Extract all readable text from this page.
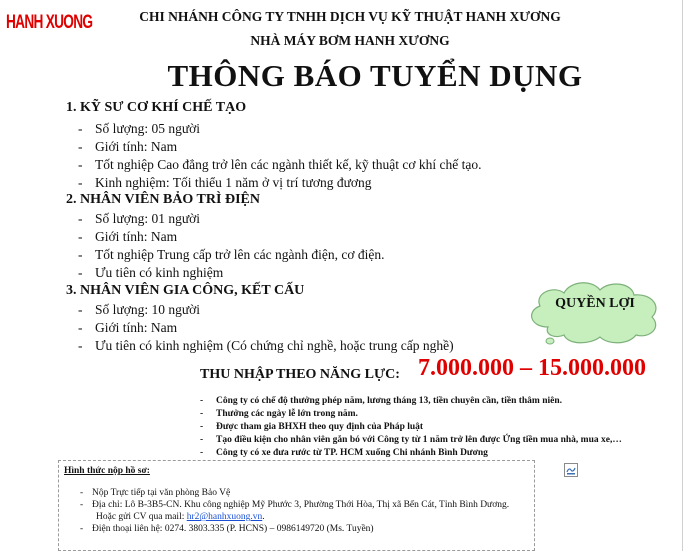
HANH XUONG	CHI NHÁNH CÔNG TY TNHH DỊCH VỤ KỸ THUẬT HANH XƯƠNG
NHÀ MÁY BƠM HANH XƯƠNG
THÔNG BÁO TUYỂN DỤNG
1. KỸ SƯ CƠ KHÍ CHẾ TẠO
- Số lượng: 05 người
- Giới tính: Nam
- Tốt nghiệp Cao đẳng trở lên các ngành thiết kế, kỹ thuật cơ khí chế tạo.
- Kinh nghiệm: Tối thiểu 1 năm ở vị trí tương đương
2. NHÂN VIÊN BẢO TRÌ ĐIỆN
- Số lượng: 01 người
- Giới tính: Nam
- Tốt nghiệp Trung cấp trở lên các ngành điện, cơ điện.
- Ưu tiên có kinh nghiệm
3. NHÂN VIÊN GIA CÔNG, KẾT CẤU
- Số lượng: 10 người
- Giới tính: Nam
- Ưu tiên có kinh nghiệm (Có chứng chỉ nghề, hoặc trung cấp nghề)
QUYỀN LỢI
THU NHẬP THEO NĂNG LỰC: 7.000.000 – 15.000.000
- Công ty có chế độ thưởng phép năm, lương tháng 13, tiền chuyên cần, tiền thâm niên.
- Thưởng các ngày lễ lớn trong năm.
- Được tham gia BHXH theo quy định của Pháp luật
- Tạo điều kiện cho nhân viên gắn bó với Công ty từ 1 năm trở lên được Ứng tiền mua nhà, mua xe,…
- Công ty có xe đưa rước từ TP. HCM xuống Chi nhánh Bình Dương
Hình thức nộp hồ sơ:
- Nộp Trực tiếp tại văn phòng Bảo Vệ
- Địa chỉ: Lô B-3B5-CN. Khu công nghiệp Mỹ Phước 3, Phường Thới Hòa, Thị xã Bến Cát, Tỉnh Bình Dương.
Hoặc gửi CV qua mail: hr2@hanhxuong.vn.
- Điện thoại liên hệ: 0274. 3803.335 (P. HCNS) – 0986149720 (Ms. Tuyền)
